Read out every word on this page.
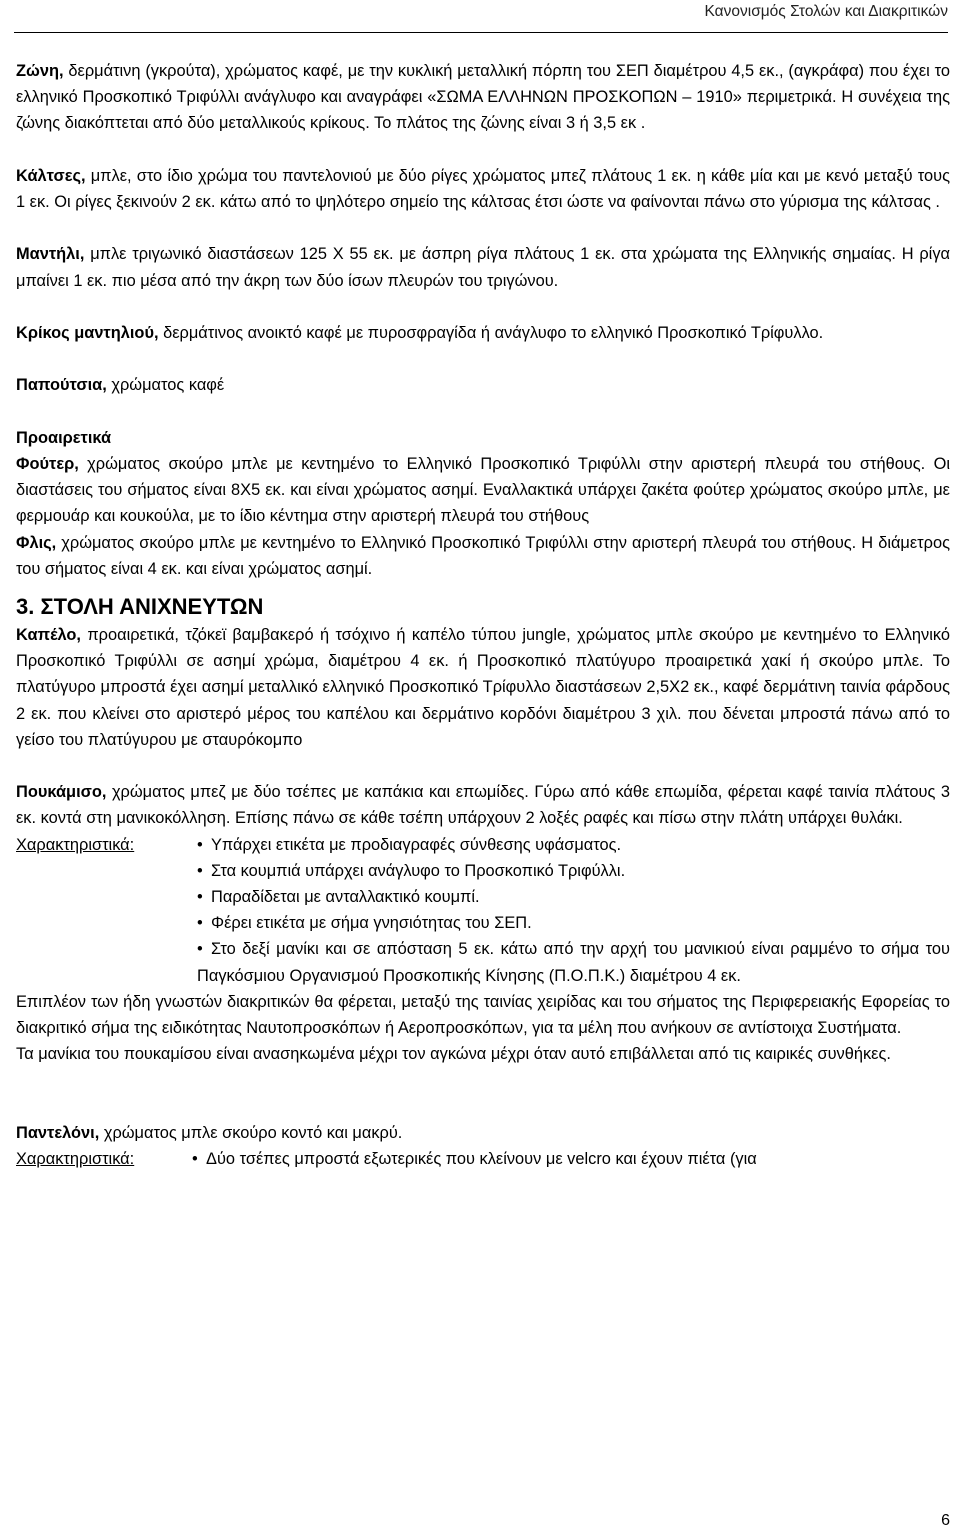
Κανονισμός Στολών και Διακριτικών

Ζώνη, δερμάτινη (γκρούτα), χρώματος καφέ, με την κυκλική μεταλλική πόρπη του ΣΕΠ διαμέτρου 4,5 εκ., (αγκράφα) που έχει το ελληνικό Προσκοπικό Τριφύλλι ανάγλυφο και αναγράφει «ΣΩΜΑ ΕΛΛΗΝΩΝ ΠΡΟΣΚΟΠΩΝ – 1910» περιμετρικά. Η συνέχεια της ζώνης διακόπτεται από δύο μεταλλικούς κρίκους. Το πλάτος της ζώνης είναι 3 ή 3,5 εκ .

Κάλτσες, μπλε, στο ίδιο χρώμα του παντελονιού με δύο ρίγες χρώματος μπεζ πλάτους 1 εκ. η κάθε μία και με κενό μεταξύ τους 1 εκ. Οι ρίγες ξεκινούν 2 εκ. κάτω από το ψηλότερο σημείο της κάλτσας έτσι ώστε να φαίνονται πάνω στο γύρισμα της κάλτσας .

Μαντήλι, μπλε τριγωνικό διαστάσεων 125 Χ 55 εκ. με άσπρη ρίγα πλάτους 1 εκ. στα χρώματα της Ελληνικής σημαίας. Η ρίγα μπαίνει 1 εκ. πιο μέσα από την άκρη των δύο ίσων πλευρών του τριγώνου.

Κρίκος μαντηλιού, δερμάτινος ανοικτό καφέ με πυροσφραγίδα ή ανάγλυφο το ελληνικό Προσκοπικό Τρίφυλλο.

Παπούτσια, χρώματος καφέ

Προαιρετικά

Φούτερ, χρώματος σκούρο μπλε με κεντημένο το Ελληνικό Προσκοπικό Τριφύλλι στην αριστερή πλευρά του στήθους. Οι διαστάσεις του σήματος είναι 8Χ5 εκ. και είναι χρώματος ασημί. Εναλλακτικά υπάρχει ζακέτα φούτερ χρώματος σκούρο μπλε, με φερμουάρ και κουκούλα, με το ίδιο κέντημα στην αριστερή πλευρά του στήθους

Φλις, χρώματος σκούρο μπλε με κεντημένο το Ελληνικό Προσκοπικό Τριφύλλι στην αριστερή πλευρά του στήθους. Η διάμετρος του σήματος είναι 4 εκ. και είναι χρώματος ασημί.

3. ΣΤΟΛΗ ΑΝΙΧΝΕΥΤΩΝ

Καπέλο, προαιρετικά, τζόκεϊ βαμβακερό ή τσόχινο ή καπέλο τύπου jungle, χρώματος μπλε σκούρο με κεντημένο το Ελληνικό Προσκοπικό Τριφύλλι σε ασημί χρώμα, διαμέτρου 4 εκ. ή Προσκοπικό πλατύγυρο προαιρετικά χακί ή σκούρο μπλε. Το πλατύγυρο μπροστά έχει ασημί μεταλλικό ελληνικό Προσκοπικό Τρίφυλλο διαστάσεων 2,5Χ2 εκ., καφέ δερμάτινη ταινία φάρδους 2 εκ. που κλείνει στο αριστερό μέρος του καπέλου και δερμάτινο κορδόνι διαμέτρου 3 χιλ. που δένεται μπροστά πάνω από το γείσο του πλατύγυρου με σταυρόκομπο

Πουκάμισο, χρώματος μπεζ με δύο τσέπες με καπάκια και επωμίδες. Γύρω από κάθε επωμίδα, φέρεται καφέ ταινία πλάτους 3 εκ. κοντά στη μανικοκόλληση. Επίσης πάνω σε κάθε τσέπη υπάρχουν 2 λοξές ραφές και πίσω στην πλάτη υπάρχει θυλάκι.

Χαρακτηριστικά:	• Υπάρχει ετικέτα με προδιαγραφές σύνθεσης υφάσματος.
• Στα κουμπιά υπάρχει ανάγλυφο το Προσκοπικό Τριφύλλι.
• Παραδίδεται με ανταλλακτικό κουμπί.
• Φέρει ετικέτα με σήμα γνησιότητας του ΣΕΠ.
• Στο δεξί μανίκι και σε απόσταση 5 εκ. κάτω από την αρχή του μανικιού είναι ραμμένο το σήμα του Παγκόσμιου Οργανισμού Προσκοπικής Κίνησης (Π.Ο.Π.Κ.) διαμέτρου 4 εκ.

Επιπλέον των ήδη γνωστών διακριτικών θα φέρεται, μεταξύ της ταινίας χειρίδας και του σήματος της Περιφερειακής Εφορείας το διακριτικό σήμα της ειδικότητας Ναυτοπροσκόπων ή Αεροπροσκόπων, για τα μέλη που ανήκουν σε αντίστοιχα Συστήματα.

Τα μανίκια του πουκαμίσου είναι ανασηκωμένα μέχρι τον αγκώνα μέχρι όταν αυτό επιβάλλεται από τις καιρικές συνθήκες.

Παντελόνι, χρώματος μπλε σκούρο κοντό και μακρύ.

Χαρακτηριστικά:	• Δύο τσέπες μπροστά εξωτερικές που κλείνουν με velcro και έχουν πιέτα (για
6
